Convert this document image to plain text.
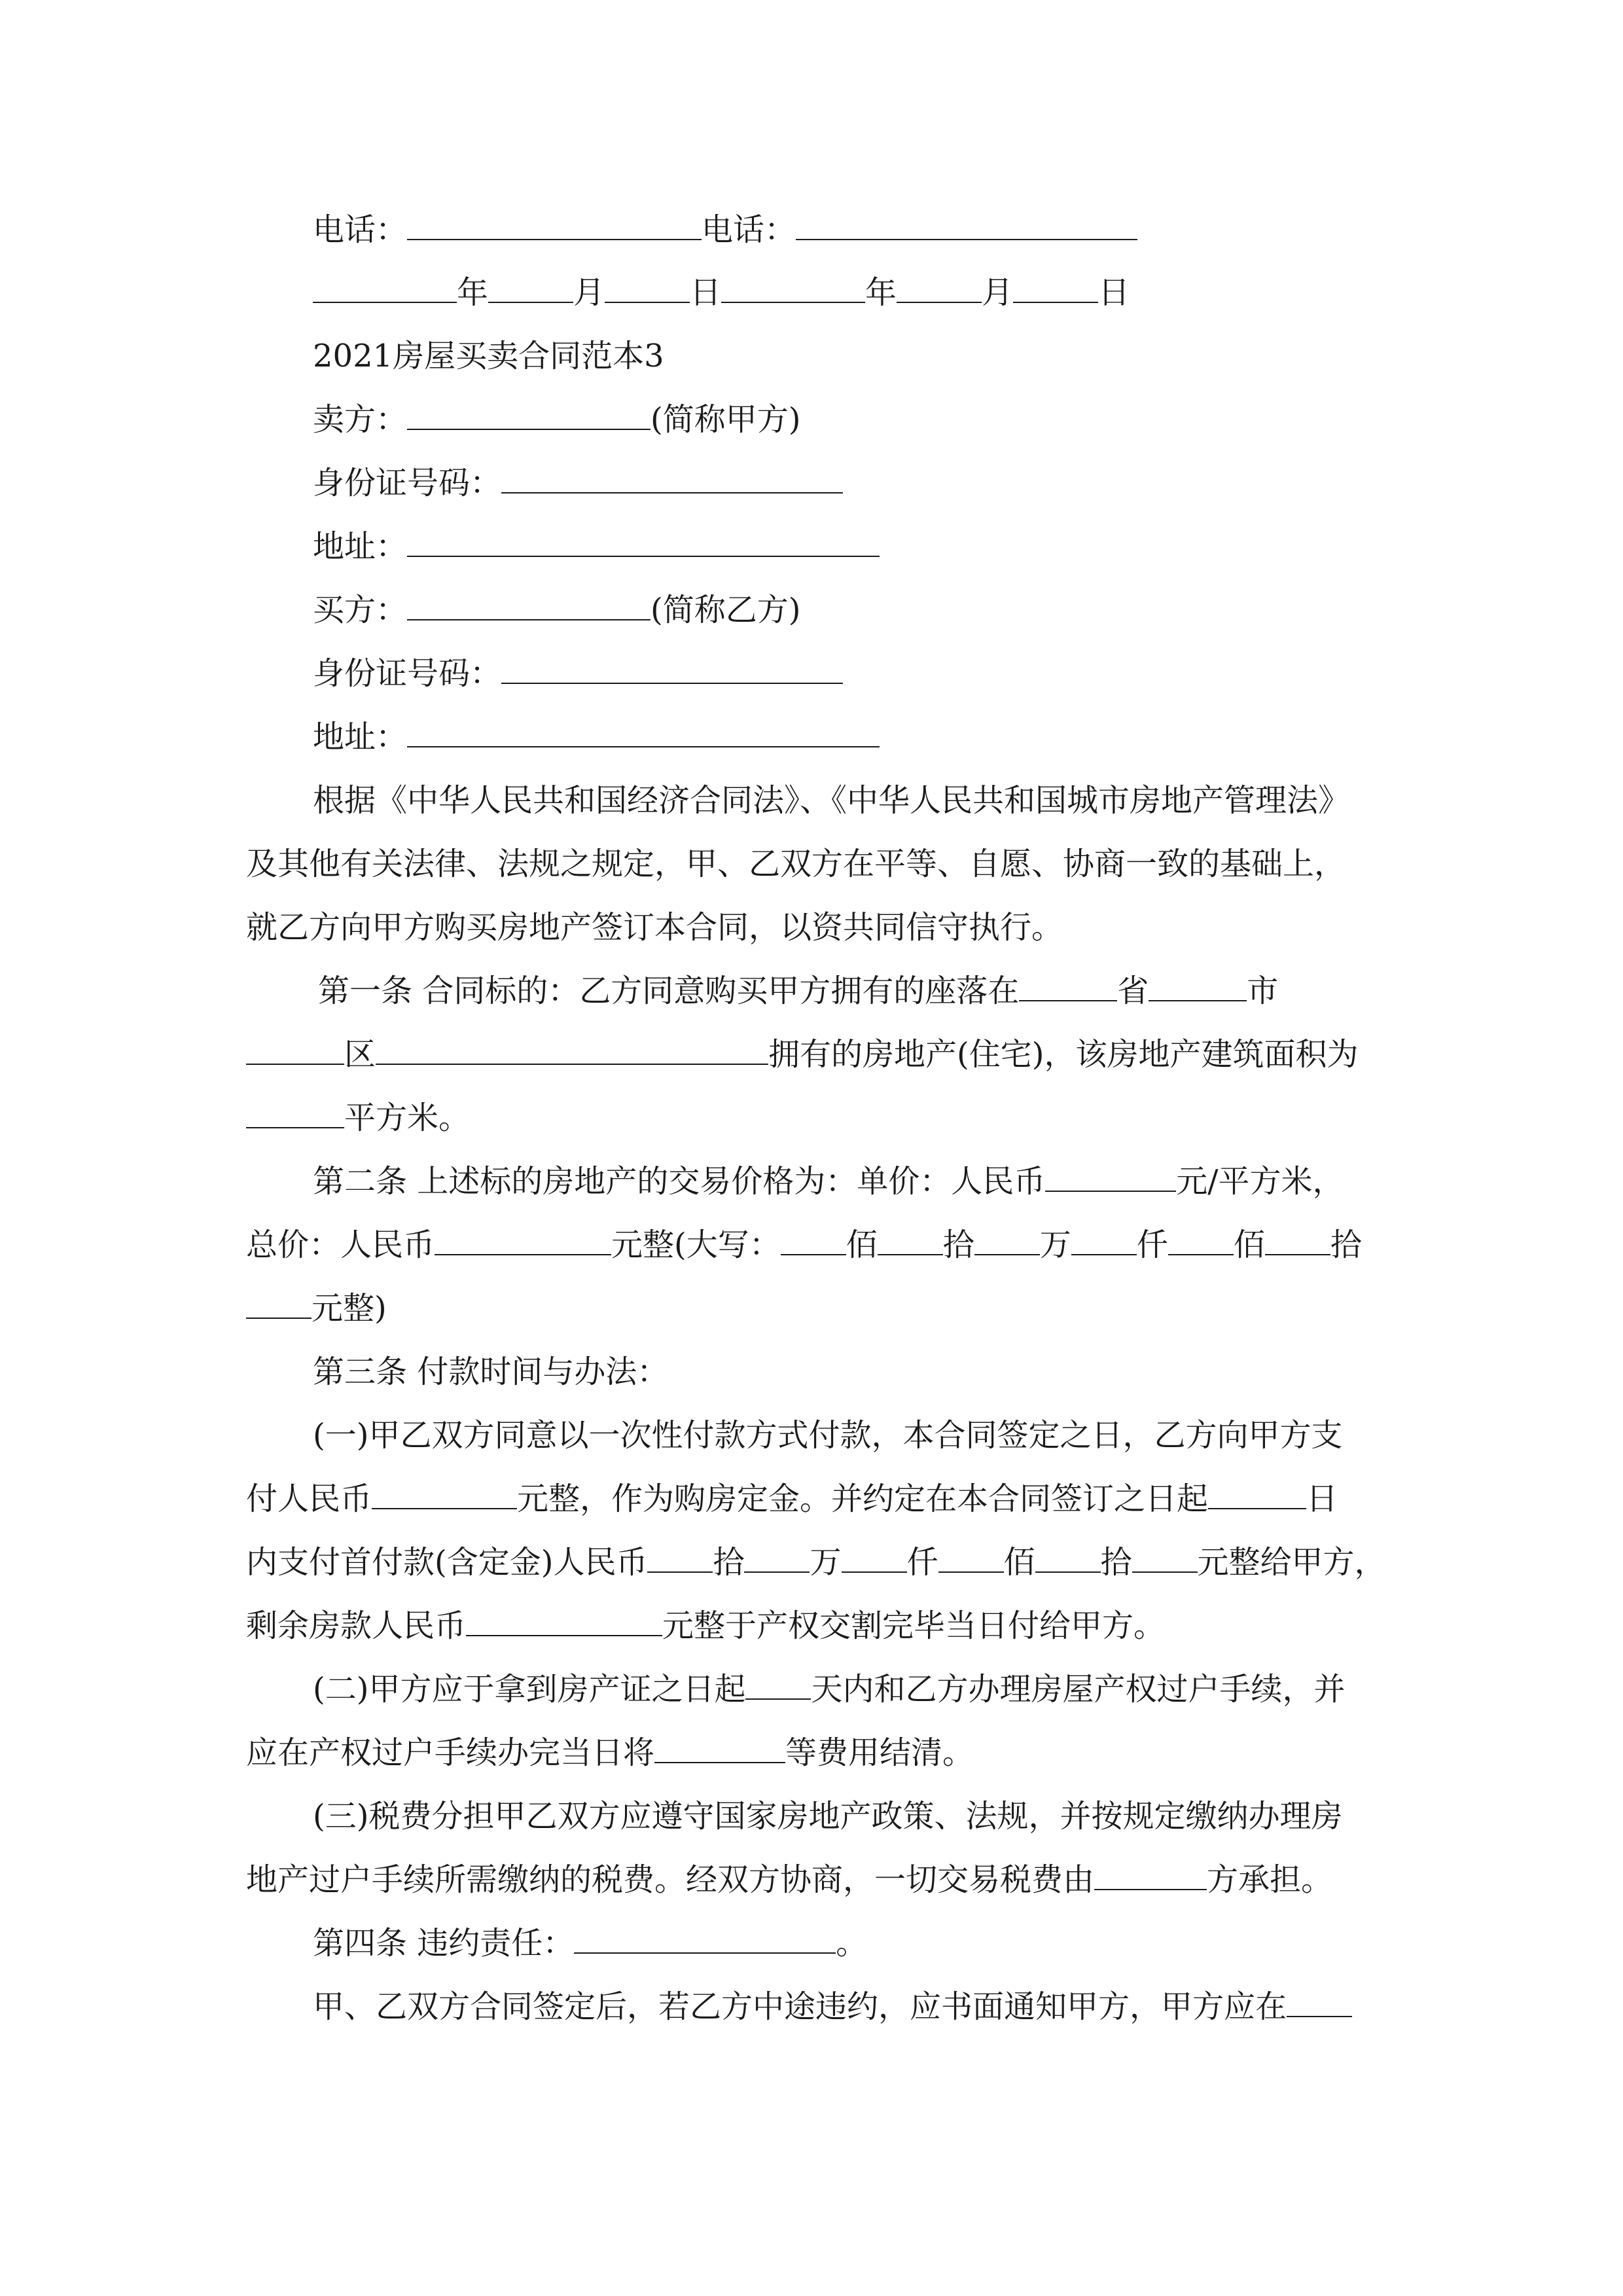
电话：	电话：
年	月	日	年	月	日
2021房屋买卖合同范本3
卖方：	(简称甲方)
身份证号码：
地址：
买方：	(简称乙方)
身份证号码：
地址：
根据《中华人民共和国经济合同法》、《中华人民共和国城市房地产管理法》
及其他有关法律、法规之规定，甲、乙双方在平等、自愿、协商一致的基础上，
就乙方向甲方购买房地产签订本合同，以资共同信守执行。
第一条 合同标的：乙方同意购买甲方拥有的座落在	省	市
区	拥有的房地产(住宅)，该房地产建筑面积为
平方米。
第二条 上述标的房地产的交易价格为：单价：人民币	元/平方米，
总价：人民币	元整(大写： 佰 拾 万 仟 佰 拾
元整)
第三条 付款时间与办法：
(一)甲乙双方同意以一次性付款方式付款，本合同签定之日，乙方向甲方支
付人民币	元整，作为购房定金。并约定在本合同签订之日起	日
内支付首付款(含定金)人民币 拾 万 仟 佰 拾 元整给甲方，
剩余房款人民币	元整于产权交割完毕当日付给甲方。
(二)甲方应于拿到房产证之日起 天内和乙方办理房屋产权过户手续，并
应在产权过户手续办完当日将	等费用结清。
(三)税费分担甲乙双方应遵守国家房地产政策、法规，并按规定缴纳办理房
地产过户手续所需缴纳的税费。经双方协商，一切交易税费由	方承担。
第四条 违约责任：	。
甲、乙双方合同签定后，若乙方中途违约，应书面通知甲方，甲方应在
